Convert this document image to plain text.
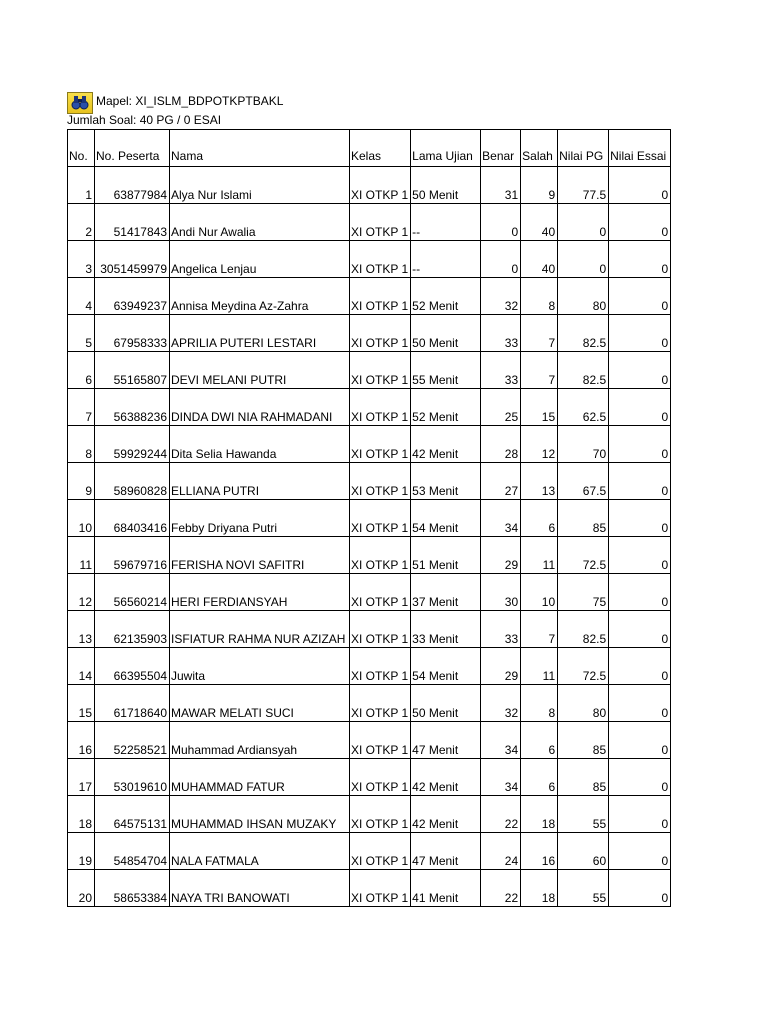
Mapel: XI_ISLM_BDPOTKPTBAKL
Jumlah Soal: 40 PG / 0 ESAI
No.	No. Peserta	Nama	Kelas	Lama Ujian	Benar	Salah	Nilai PG	Nilai Essai
1	63877984	Alya Nur Islami	XI OTKP 1	50 Menit	31	9	77.5	0
2	51417843	Andi Nur Awalia	XI OTKP 1	--	0	40	0	0
3	3051459979	Angelica Lenjau	XI OTKP 1	--	0	40	0	0
4	63949237	Annisa Meydina Az-Zahra	XI OTKP 1	52 Menit	32	8	80	0
5	67958333	APRILIA PUTERI LESTARI	XI OTKP 1	50 Menit	33	7	82.5	0
6	55165807	DEVI MELANI PUTRI	XI OTKP 1	55 Menit	33	7	82.5	0
7	56388236	DINDA DWI NIA RAHMADANI	XI OTKP 1	52 Menit	25	15	62.5	0
8	59929244	Dita Selia Hawanda	XI OTKP 1	42 Menit	28	12	70	0
9	58960828	ELLIANA PUTRI	XI OTKP 1	53 Menit	27	13	67.5	0
10	68403416	Febby Driyana Putri	XI OTKP 1	54 Menit	34	6	85	0
11	59679716	FERISHA NOVI SAFITRI	XI OTKP 1	51 Menit	29	11	72.5	0
12	56560214	HERI FERDIANSYAH	XI OTKP 1	37 Menit	30	10	75	0
13	62135903	ISFIATUR RAHMA NUR AZIZAH	XI OTKP 1	33 Menit	33	7	82.5	0
14	66395504	Juwita	XI OTKP 1	54 Menit	29	11	72.5	0
15	61718640	MAWAR MELATI SUCI	XI OTKP 1	50 Menit	32	8	80	0
16	52258521	Muhammad Ardiansyah	XI OTKP 1	47 Menit	34	6	85	0
17	53019610	MUHAMMAD FATUR	XI OTKP 1	42 Menit	34	6	85	0
18	64575131	MUHAMMAD IHSAN MUZAKY	XI OTKP 1	42 Menit	22	18	55	0
19	54854704	NALA FATMALA	XI OTKP 1	47 Menit	24	16	60	0
20	58653384	NAYA TRI BANOWATI	XI OTKP 1	41 Menit	22	18	55	0
